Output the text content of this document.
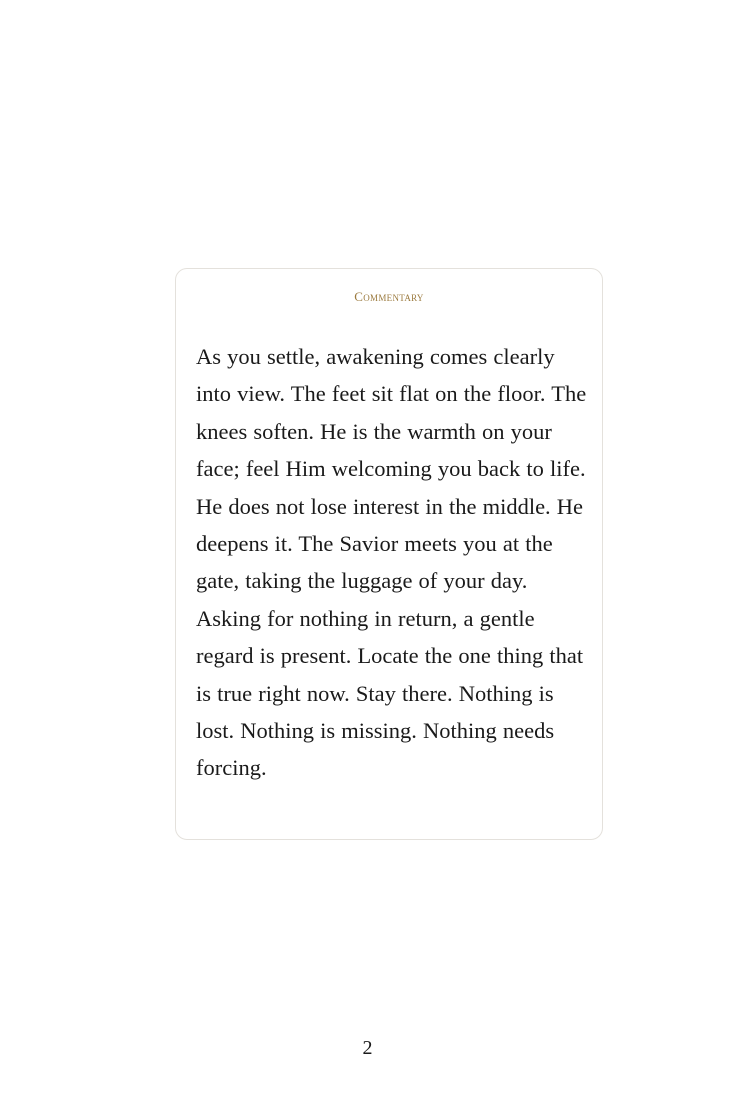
Commentary

As you settle, awakening comes clearly into view. The feet sit flat on the floor. The knees soften. He is the warmth on your face; feel Him welcoming you back to life. He does not lose interest in the middle. He deepens it. The Savior meets you at the gate, taking the luggage of your day. Asking for nothing in return, a gentle regard is present. Locate the one thing that is true right now. Stay there. Nothing is lost. Nothing is missing. Nothing needs forcing.

2
